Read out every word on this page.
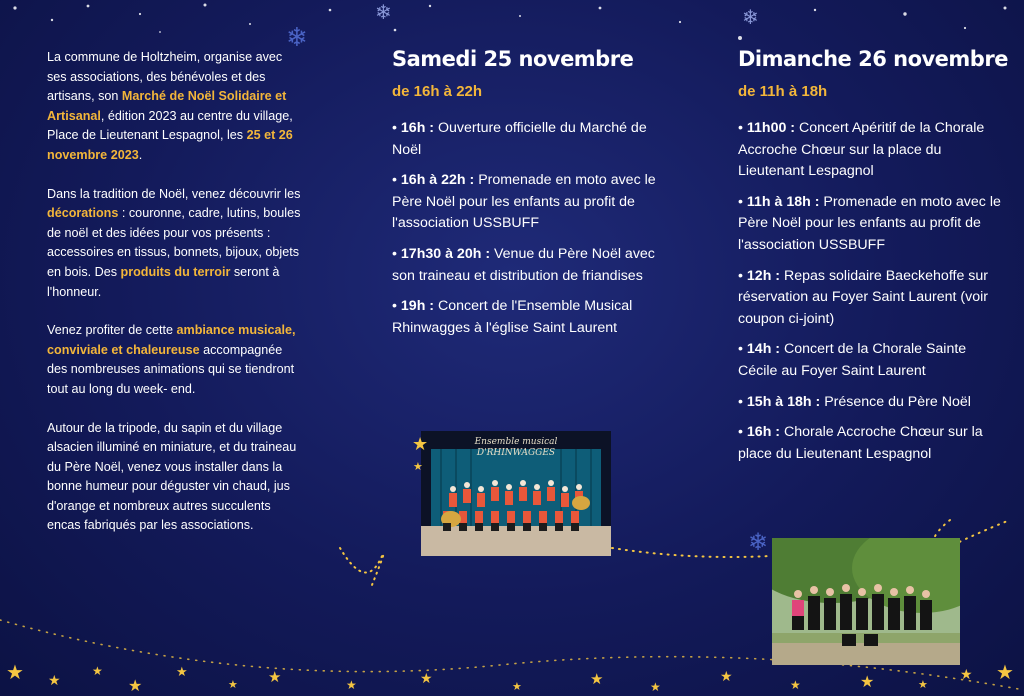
❄
❄	❄
❄

La commune de Holtzheim, organise avec ses associations, des bénévoles et des artisans, son Marché de Noël Solidaire et Artisanal, édition 2023 au centre du village, Place de Lieutenant Lespagnol, les 25 et 26 novembre 2023.

Dans la tradition de Noël, venez découvrir les décorations : couronne, cadre, lutins, boules de noël et des idées pour vos présents : accessoires en tissus, bonnets, bijoux, objets en bois. Des produits du terroir seront à l'honneur.

Venez profiter de cette ambiance musicale, conviviale et chaleureuse accompagnée des nombreuses animations qui se tiendront tout au long du week- end.

Autour de la tripode, du sapin et du village alsacien illuminé en miniature, et du traineau du Père Noël, venez vous installer dans la bonne humeur pour déguster vin chaud, jus d'orange et nombreux autres succulents encas fabriqués par les associations.

Samedi 25 novembre
de 16h à 22h
• 16h : Ouverture officielle du Marché de Noël
• 16h à 22h : Promenade en moto avec le Père Noël pour les enfants au profit de l'association USSBUFF
• 17h30 à 20h : Venue du Père Noël avec son traineau et distribution de friandises
• 19h : Concert de l'Ensemble Musical Rhinwagges à l'église Saint Laurent
Dimanche 26 novembre
de 11h à 18h
• 11h00 : Concert Apéritif de la Chorale Accroche Chœur sur la place du Lieutenant Lespagnol
• 11h à 18h : Promenade en moto avec le Père Noël pour les enfants au profit de l'association USSBUFF
• 12h : Repas solidaire Baeckehoffe sur réservation au Foyer Saint Laurent (voir coupon ci-joint)
• 14h : Concert de la Chorale Sainte Cécile au Foyer Saint Laurent
• 15h à 18h : Présence du Père Noël
• 16h : Chorale Accroche Chœur sur la place du Lieutenant Lespagnol
Ensemble musical D'RHINWAGGES
★
★
★ ★
★
★
★
★ ★	★	★
★	★	★
★
★	★	★
★ ★
